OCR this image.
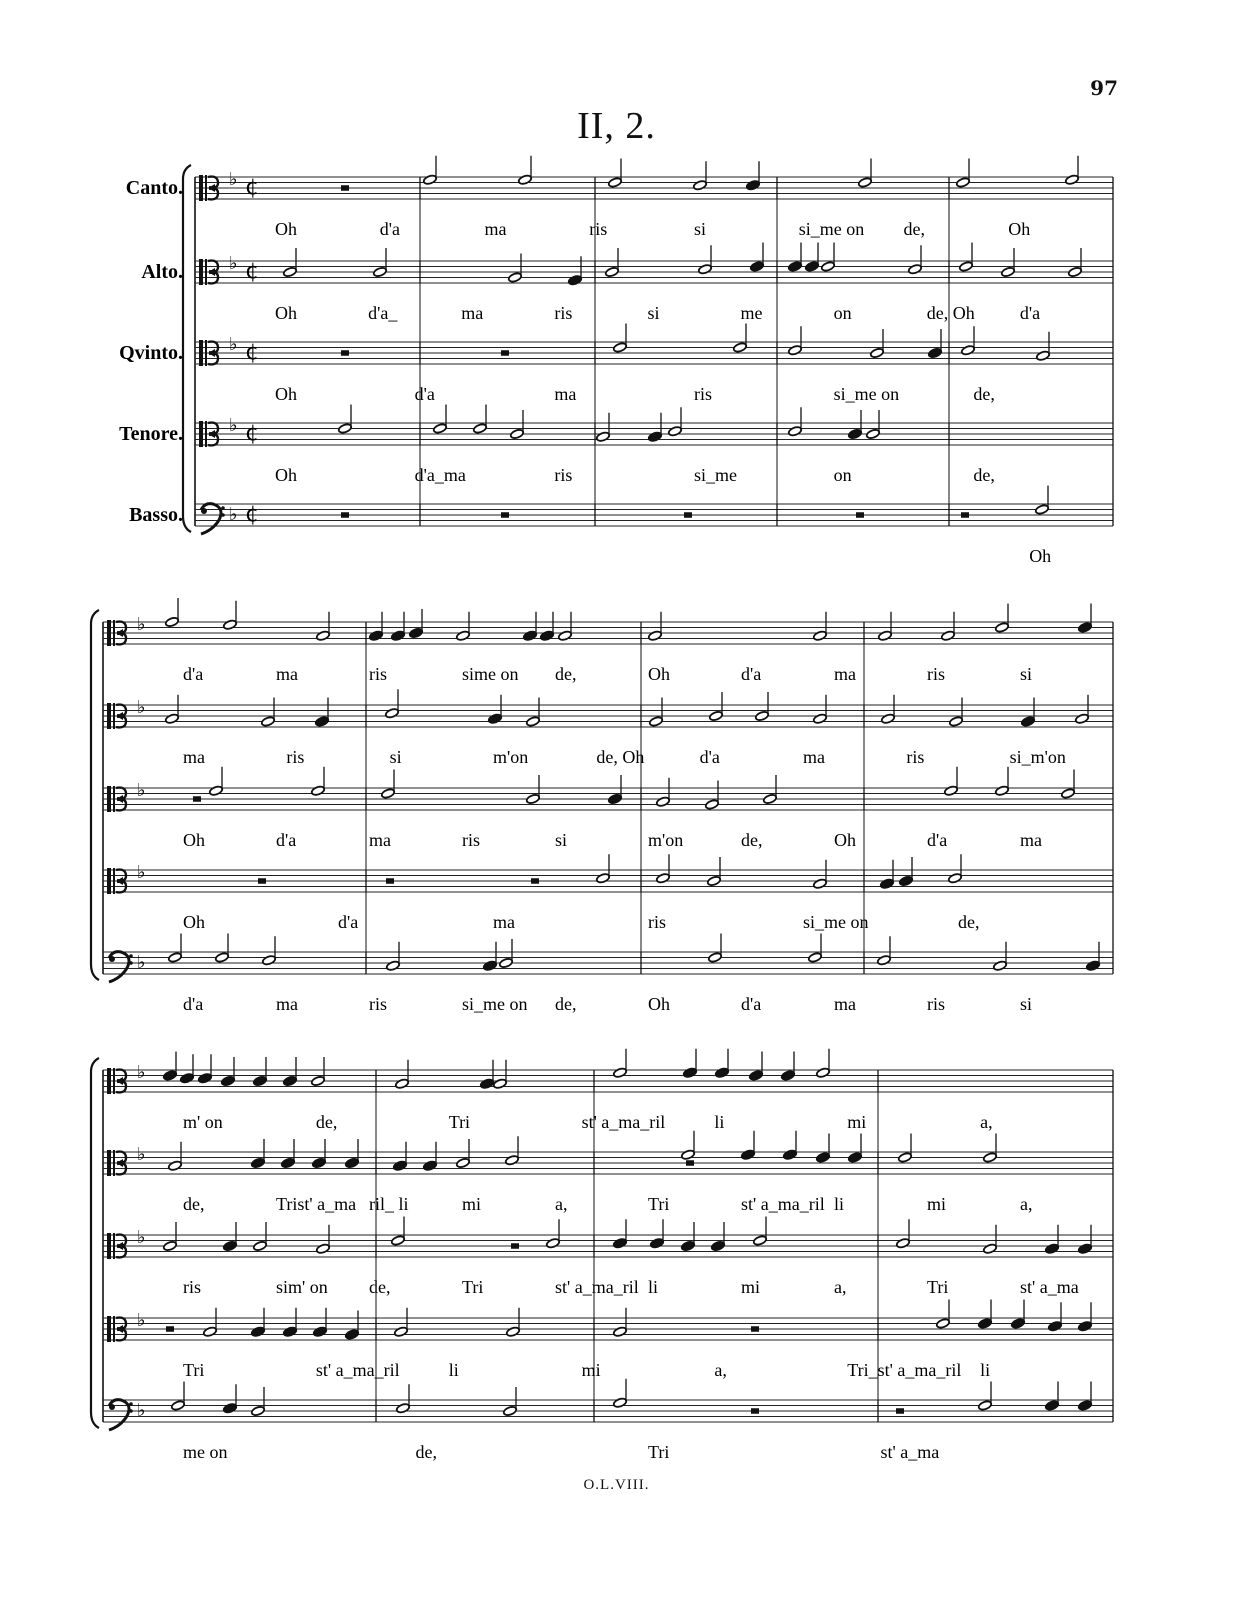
97
II, 2.
O.L.VIII.
♭ ¢
Oh	d'a	ma	ris	si	si_me on de,	Oh
Canto.
♭ ¢
Oh	d'a_	ma	ris	si	me	on	de, Oh	d'a
Alto.
♭ ¢
Oh	d'a	ma	ris	si_me on	de,
Qvinto.
♭ ¢
Oh	d'a_ma	ris	si_me	on	de,
Tenore.
♭ ¢
Oh
Basso.
♭
d'a	ma	ris	sime on de,	Oh	d'a	ma	ris	si
♭
ma	ris	si	m'on	de, Oh	d'a	ma	ris	si_m'on
♭
Oh	d'a	ma	ris	si	m'on	de,	Oh	d'a	ma
♭
Oh	d'a	ma	ris	si_me on	de,
♭
d'a	ma	ris	si_me on de,	Oh	d'a	ma	ris	si
♭
m' on	de,	Tri	st' a_ma_ril	li	mi	a,
♭
de,	Trist' a_ma ril_ li	mi	a,	Tri	st' a_ma_ril li	mi	a,
♭
ris	sim' on de,	Tri	st' a_ma_ril li	mi	a,	Tri	st' a_ma
♭
Tri	st' a_ma_ril	li	mi	a,	Tri_st' a_ma_ril li
♭
me on	de,	Tri	st' a_ma
